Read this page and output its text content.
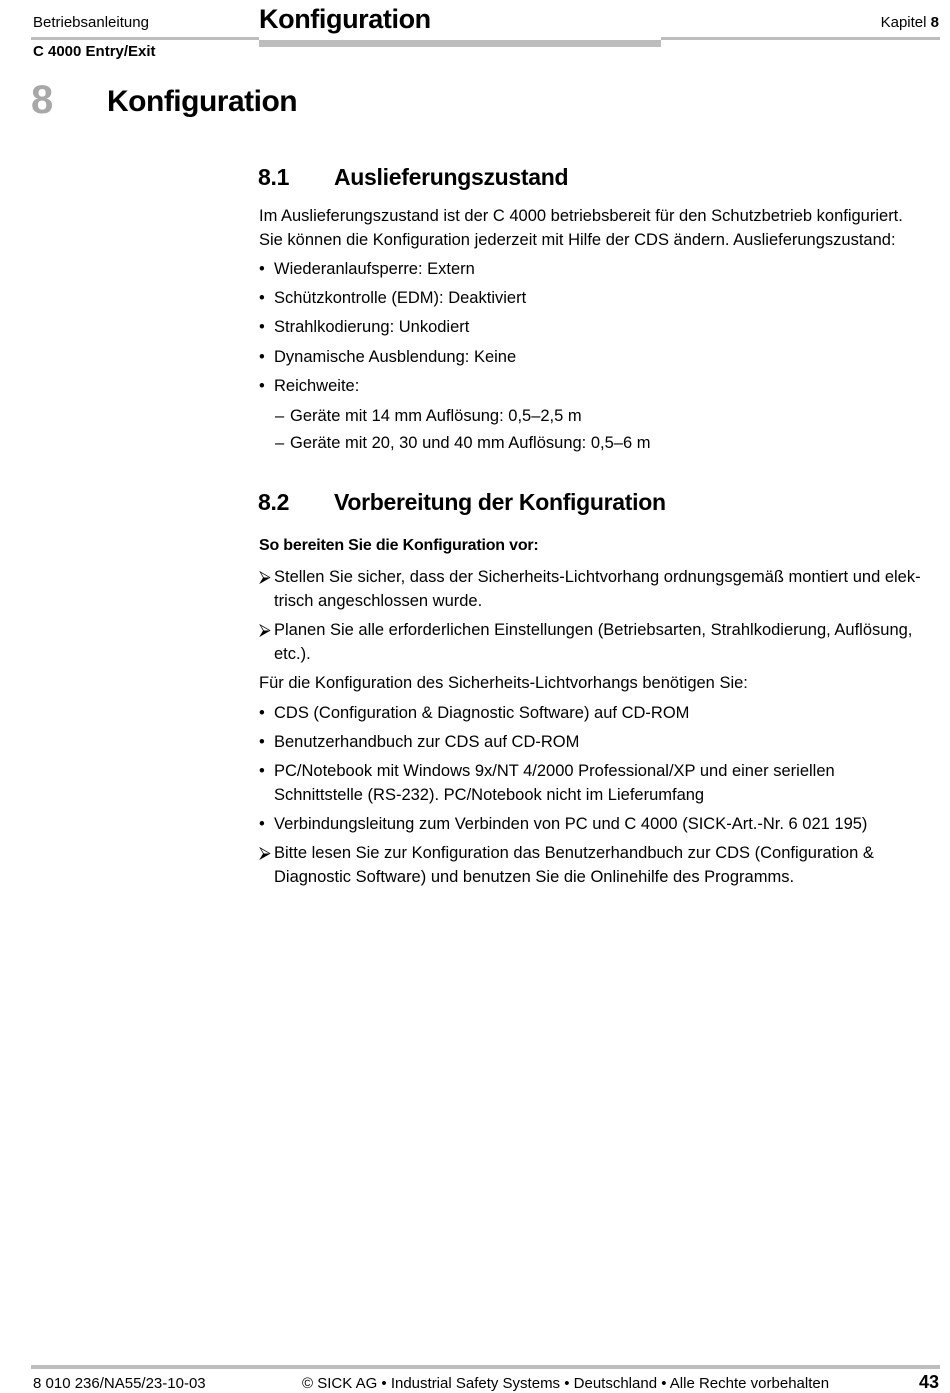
Betriebsanleitung	Konfiguration	Kapitel 8
C 4000 Entry/Exit
8 Konfiguration
8.1 Auslieferungszustand
Im Auslieferungszustand ist der C 4000 betriebsbereit für den Schutzbetrieb konfiguriert.
Sie können die Konfiguration jederzeit mit Hilfe der CDS ändern. Auslieferungszustand:
• Wiederanlaufsperre: Extern
• Schützkontrolle (EDM): Deaktiviert
• Strahlkodierung: Unkodiert
• Dynamische Ausblendung: Keine
• Reichweite:
– Geräte mit 14 mm Auflösung: 0,5–2,5 m
– Geräte mit 20, 30 und 40 mm Auflösung: 0,5–6 m
8.2 Vorbereitung der Konfiguration
So bereiten Sie die Konfiguration vor:
⮚ Stellen Sie sicher, dass der Sicherheits-Lichtvorhang ordnungsgemäß montiert und elek-
trisch angeschlossen wurde.
⮚ Planen Sie alle erforderlichen Einstellungen (Betriebsarten, Strahlkodierung, Auflösung,
etc.).
Für die Konfiguration des Sicherheits-Lichtvorhangs benötigen Sie:
• CDS (Configuration & Diagnostic Software) auf CD-ROM
• Benutzerhandbuch zur CDS auf CD-ROM
• PC/Notebook mit Windows 9x/NT 4/2000 Professional/XP und einer seriellen
Schnittstelle (RS-232). PC/Notebook nicht im Lieferumfang
• Verbindungsleitung zum Verbinden von PC und C 4000 (SICK-Art.-Nr. 6 021 195)
⮚ Bitte lesen Sie zur Konfiguration das Benutzerhandbuch zur CDS (Configuration &
Diagnostic Software) und benutzen Sie die Onlinehilfe des Programms.
8 010 236/NA55/23-10-03	© SICK AG • Industrial Safety Systems • Deutschland • Alle Rechte vorbehalten	43
